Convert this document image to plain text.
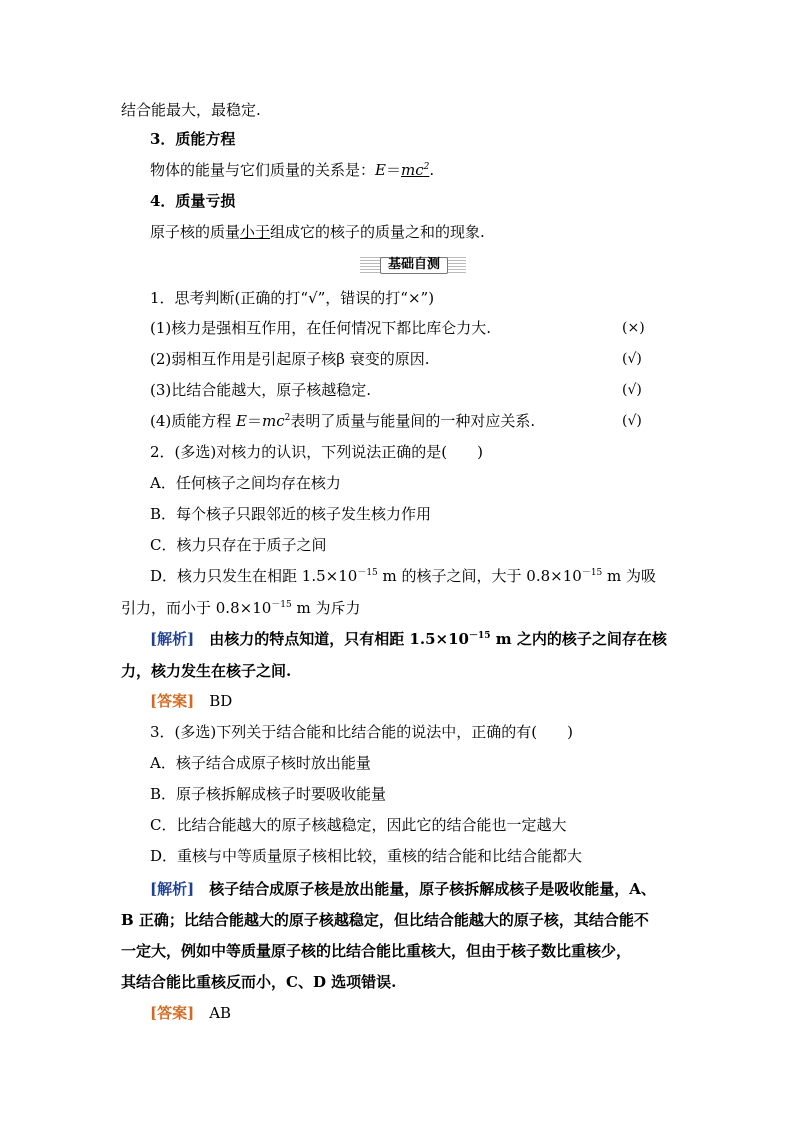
结合能最大，最稳定.
3．质能方程
物体的能量与它们质量的关系是：$E=mc^2$.
4．质量亏损
原子核的质量小于组成它的核子的质量之和的现象.
基础自测
1．思考判断(正确的打“√”，错误的打“×”)
(1)核力是强相互作用，在任何情况下都比库仑力大.	(×)
(2)弱相互作用是引起原子核β 衰变的原因.	(√)
(3)比结合能越大，原子核越稳定.	(√)
(4)质能方程 $E=mc^2$表明了质量与能量间的一种对应关系.	(√)
2．(多选)对核力的认识，下列说法正确的是(　　)
A．任何核子之间均存在核力
B．每个核子只跟邻近的核子发生核力作用
C．核力只存在于质子之间
D．核力只发生在相距 $1.5\times 10^{-15}$ m 的核子之间，大于 $0.8\times 10^{-15}$ m 为吸
引力，而小于 $0.8\times 10^{-15}$ m 为斥力
[解析]　由核力的特点知道，只有相距 $1.5\times 10^{-15}$ m 之内的核子之间存在核
力，核力发生在核子之间.
[答案]　BD
3．(多选)下列关于结合能和比结合能的说法中，正确的有(　　)
A．核子结合成原子核时放出能量
B．原子核拆解成核子时要吸收能量
C．比结合能越大的原子核越稳定，因此它的结合能也一定越大
D．重核与中等质量原子核相比较，重核的结合能和比结合能都大
[解析]　核子结合成原子核是放出能量，原子核拆解成核子是吸收能量，A、
B 正确；比结合能越大的原子核越稳定，但比结合能越大的原子核，其结合能不
一定大，例如中等质量原子核的比结合能比重核大，但由于核子数比重核少，
其结合能比重核反而小，C、D 选项错误.
[答案]　AB
